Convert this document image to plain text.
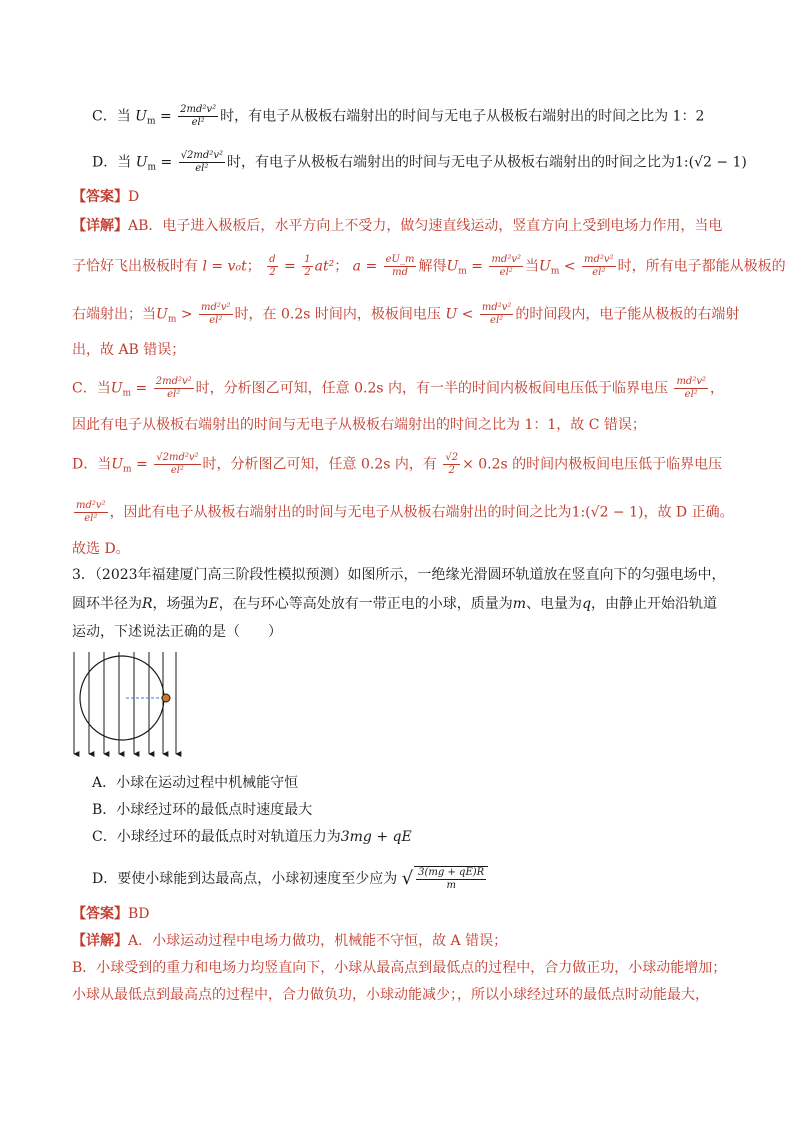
C．当 $U_m = \frac{\text{2md²v²}}{\text{el²}}$ 时，有电子从极板右端射出的时间与无电子从极板右端射出的时间之比为 1：2
D．当 $U_m = \frac{\text{√2md²v²}}{\text{el²}}$ 时，有电子从极板右端射出的时间与无电子从极板右端射出的时间之比为1:(√2 − 1)
【答案】D
【详解】AB．电子进入极板后，水平方向上不受力，做匀速直线运动，竖直方向上受到电场力作用，当电
子恰好飞出极板时有 l = v₀t； $\frac{d}{2} = \frac{1}{2} at^2$； $a = \frac{eU\_m}{md}$ 解得$U_m = \frac{\text{md²v²}}{\text{el²}}$ 当$U_m < \frac{\text{md²v²}}{\text{el²}}$ 时，所有电子都能从极板的
右端射出；当$U_m > \frac{\text{md²v²}}{\text{el²}}$ 时，在 0.2s 时间内，极板间电压 $U < \frac{\text{md²v²}}{\text{el²}}$ 的时间段内，电子能从极板的右端射
出，故 AB 错误；
C．当$U_m = \frac{\text{2md²v²}}{\text{el²}}$ 时，分析图乙可知，任意 0.2s 内，有一半的时间内极板间电压低于临界电压 $\frac{\text{md²v²}}{\text{el²}}$ ，
因此有电子从极板右端射出的时间与无电子从极板右端射出的时间之比为 1：1，故 C 错误；
D．当$U_m = \frac{\text{√2md²v²}}{\text{el²}}$ 时，分析图乙可知，任意 0.2s 内，有 $\frac{√2}{2} \times 0.2s$ 的时间内极板间电压低于临界电压
$\frac{\text{md²v²}}{\text{el²}}$ ，因此有电子从极板右端射出的时间与无电子从极板右端射出的时间之比为1:(√2 − 1)，故 D 正确。
故选 D。
3．（2023年福建厦门高三阶段性模拟预测）如图所示，一绝缘光滑圆环轨道放在竖直向下的匀强电场中，
圆环半径为R，场强为E，在与环心等高处放有一带正电的小球，质量为m、电量为q，由静止开始沿轨道
运动，下述说法正确的是（　　）
A．小球在运动过程中机械能守恒
B．小球经过环的最低点时速度最大
C．小球经过环的最低点时对轨道压力为3mg + qE
D．要使小球能到达最高点，小球初速度至少应为 √ $\frac{3(mg + qE)R}{m}$
【答案】BD
【详解】A．小球运动过程中电场力做功，机械能不守恒，故 A 错误；
B．小球受到的重力和电场力均竖直向下，小球从最高点到最低点的过程中，合力做正功，小球动能增加；
小球从最低点到最高点的过程中，合力做负功，小球动能减少；，所以小球经过环的最低点时动能最大，
